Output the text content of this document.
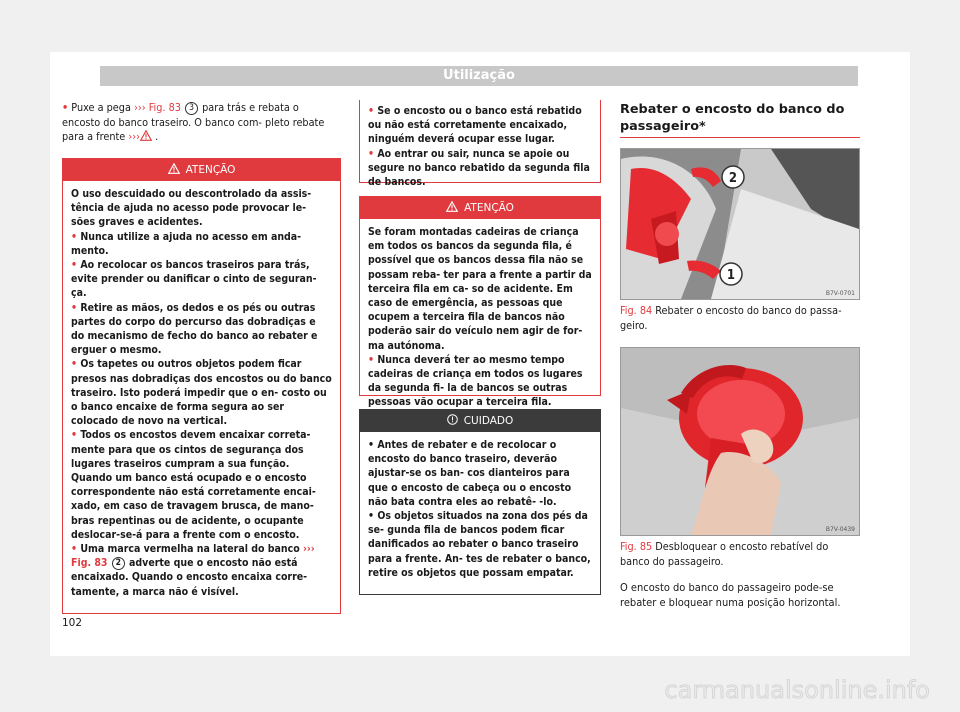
Utilização
• Puxe a pega ››› Fig. 83 3 para trás e rebata o encosto do banco traseiro. O banco com- pleto rebate para a frente ››› .
ATENÇÃO

O uso descuidado ou descontrolado da assis- tência de ajuda no acesso pode provocar le- sões graves e acidentes.

• Nunca utilize a ajuda no acesso em anda- mento.

• Ao recolocar os bancos traseiros para trás, evite prender ou danificar o cinto de seguran- ça.

• Retire as mãos, os dedos e os pés ou outras partes do corpo do percurso das dobradiças e do mecanismo de fecho do banco ao rebater e erguer o mesmo.

• Os tapetes ou outros objetos podem ficar presos nas dobradiças dos encostos ou do banco traseiro. Isto poderá impedir que o en- costo ou o banco encaixe de forma segura ao ser colocado de novo na vertical.

• Todos os encostos devem encaixar correta- mente para que os cintos de segurança dos lugares traseiros cumpram a sua função. Quando um banco está ocupado e o encosto correspondente não está corretamente encai- xado, em caso de travagem brusca, de mano- bras repentinas ou de acidente, o ocupante deslocar-se-á para a frente com o encosto.

• Uma marca vermelha na lateral do banco ››› Fig. 83 2 adverte que o encosto não está encaixado. Quando o encosto encaixa corre- tamente, a marca não é visível.

• Se o encosto ou o banco está rebatido ou não está corretamente encaixado, ninguém deverá ocupar esse lugar.

• Ao entrar ou sair, nunca se apoie ou segure no banco rebatido da segunda fila de bancos.

ATENÇÃO

Se foram montadas cadeiras de criança em todos os bancos da segunda fila, é possível que os bancos dessa fila não se possam reba- ter para a frente a partir da terceira fila em ca- so de acidente. Em caso de emergência, as pessoas que ocupem a terceira fila de bancos não poderão sair do veículo nem agir de for- ma autónoma.

• Nunca deverá ter ao mesmo tempo cadeiras de criança em todos os lugares da segunda fi- la de bancos se outras pessoas vão ocupar a terceira fila.

CUIDADO

• Antes de rebater e de recolocar o encosto do banco traseiro, deverão ajustar-se os ban- cos dianteiros para que o encosto de cabeça ou o encosto não bata contra eles ao rebatê- -lo.

• Os objetos situados na zona dos pés da se- gunda fila de bancos podem ficar danificados ao rebater o banco traseiro para a frente. An- tes de rebater o banco, retire os objetos que possam empatar.

Rebater o encosto do banco do passageiro*
2
1
B7V-0701
Fig. 84 Rebater o encosto do banco do passa- geiro.
B7V-0439
Fig. 85 Desbloquear o encosto rebatível do banco do passageiro.
O encosto do banco do passageiro pode-se rebater e bloquear numa posição horizontal.
102
carmanualsonline.info
